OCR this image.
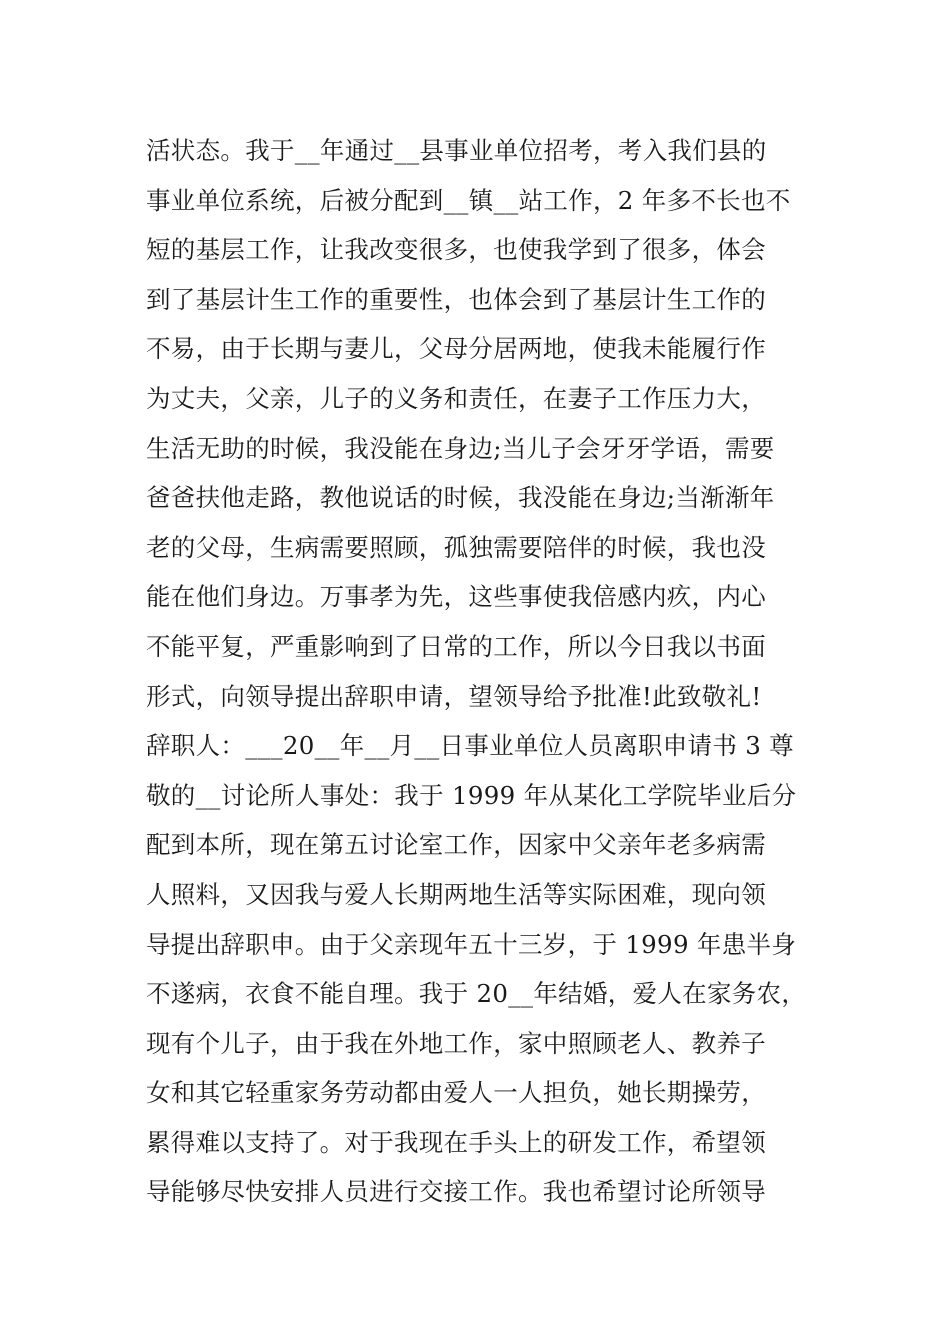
活状态。我于__年通过__县事业单位招考，考入我们县的
事业单位系统，后被分配到__镇__站工作，2 年多不长也不
短的基层工作，让我改变很多，也使我学到了很多，体会
到了基层计生工作的重要性，也体会到了基层计生工作的
不易，由于长期与妻儿，父母分居两地，使我未能履行作
为丈夫，父亲，儿子的义务和责任，在妻子工作压力大，
生活无助的时候，我没能在身边;当儿子会牙牙学语，需要
爸爸扶他走路，教他说话的时候，我没能在身边;当渐渐年
老的父母，生病需要照顾，孤独需要陪伴的时候，我也没
能在他们身边。万事孝为先，这些事使我倍感内疚，内心
不能平复，严重影响到了日常的工作，所以今日我以书面
形式，向领导提出辞职申请，望领导给予批准!此致敬礼!
辞职人：___20__年__月__日事业单位人员离职申请书 3 尊
敬的__讨论所人事处：我于 1999 年从某化工学院毕业后分
配到本所，现在第五讨论室工作，因家中父亲年老多病需
人照料，又因我与爱人长期两地生活等实际困难，现向领
导提出辞职申。由于父亲现年五十三岁，于 1999 年患半身
不遂病，衣食不能自理。我于 20__年结婚，爱人在家务农，
现有个儿子，由于我在外地工作，家中照顾老人、教养子
女和其它轻重家务劳动都由爱人一人担负，她长期操劳，
累得难以支持了。对于我现在手头上的研发工作，希望领
导能够尽快安排人员进行交接工作。我也希望讨论所领导
